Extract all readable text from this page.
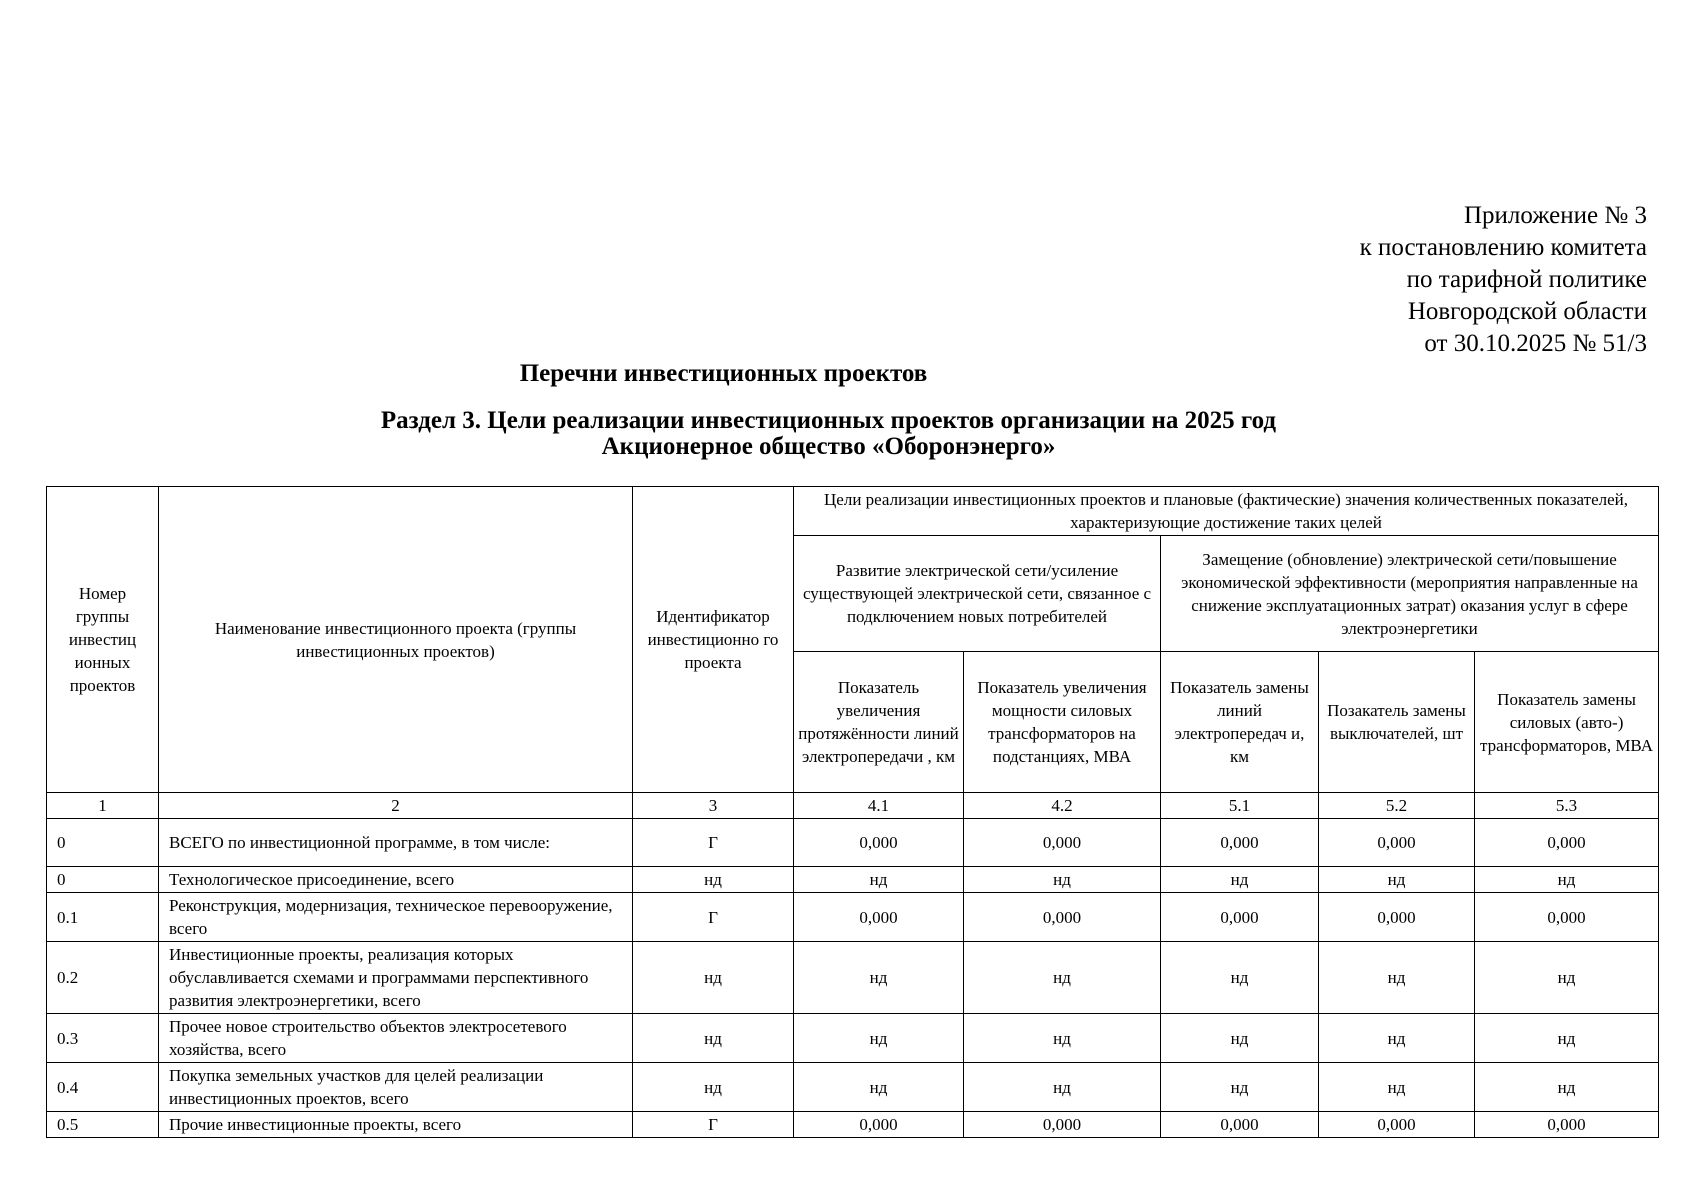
Приложение № 3
к постановлению комитета
по тарифной политике
Новгородской области
от 30.10.2025 № 51/3
Перечни инвестиционных проектов
Раздел 3. Цели реализации инвестиционных проектов организации на 2025 год
Акционерное общество «Оборонэнерго»
Номер группы инвестиц ионных проектов	Наименование инвестиционного проекта (группы инвестиционных проектов)	Идентификатор инвестиционно го проекта	Цели реализации инвестиционных проектов и плановые (фактические) значения количественных показателей, характеризующие достижение таких целей				
			Развитие электрической сети/усиление существующей электрической сети, связанное с подключением новых потребителей		Замещение (обновление) электрической сети/повышение экономической эффективности (мероприятия направленные на снижение эксплуатационных затрат) оказания услуг в сфере электроэнергетики		
			Показатель увеличения протяжённости линий электропередачи , км	Показатель увеличения мощности силовых трансформаторов на подстанциях, МВА	Показатель замены линий электропередач и, км	Позакатель замены выключателей, шт	Показатель замены силовых (авто-) трансформаторов, МВА
1	2	3	4.1	4.2	5.1	5.2	5.3
0	ВСЕГО по инвестиционной программе, в том числе:	Г	0,000	0,000	0,000	0,000	0,000
0	Технологическое присоединение, всего	нд	нд	нд	нд	нд	нд
0.1	Реконструкция, модернизация, техническое перевооружение, всего	Г	0,000	0,000	0,000	0,000	0,000
0.2	Инвестиционные проекты, реализация которых обуславливается схемами и программами перспективного развития электроэнергетики, всего	нд	нд	нд	нд	нд	нд
0.3	Прочее новое строительство объектов электросетевого хозяйства, всего	нд	нд	нд	нд	нд	нд
0.4	Покупка земельных участков для целей реализации инвестиционных проектов, всего	нд	нд	нд	нд	нд	нд
0.5	Прочие инвестиционные проекты, всего	Г	0,000	0,000	0,000	0,000	0,000
